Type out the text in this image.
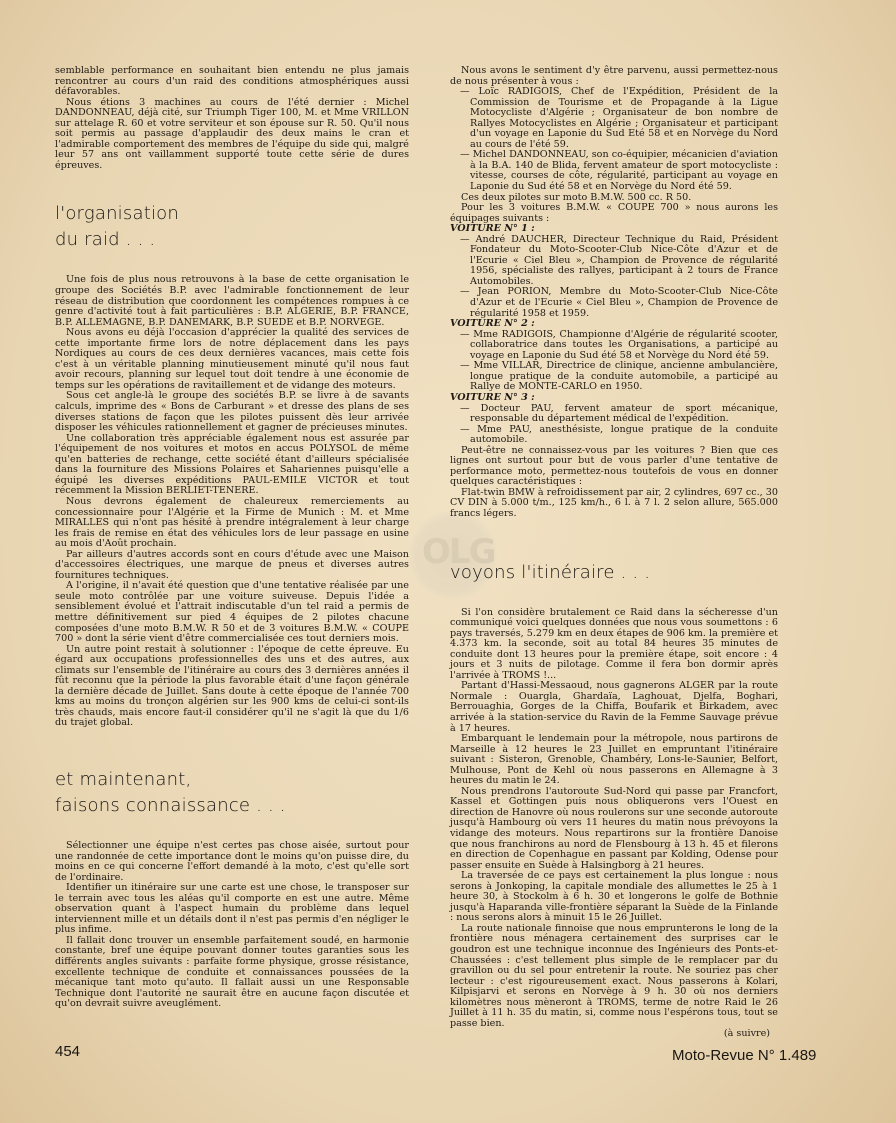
OLG

semblable performance en souhaitant bien entendu ne plus jamais rencontrer au cours d'un raid des conditions atmosphériques aussi défavorables.

Nous étions 3 machines au cours de l'été dernier : Michel DANDONNEAU, déjà cité, sur Triumph Tiger 100, M. et Mme VRILLON sur attelage R. 60 et votre serviteur et son épouse sur R. 50. Qu'il nous soit permis au passage d'applaudir des deux mains le cran et l'admirable comportement des membres de l'équipe du side qui, malgré leur 57 ans ont vaillamment supporté toute cette série de dures épreuves.

l'organisation
du raid . . .

Une fois de plus nous retrouvons à la base de cette organisation le groupe des Sociétés B.P. avec l'admirable fonctionnement de leur réseau de distribution que coordonnent les compétences rompues à ce genre d'activité tout à fait particulières : B.P. ALGERIE, B.P. FRANCE, B.P. ALLEMAGNE, B.P. DANEMARK, B.P. SUEDE et B.P. NORVEGE.

Nous avons eu déjà l'occasion d'apprécier la qualité des services de cette importante firme lors de notre déplacement dans les pays Nordiques au cours de ces deux dernières vacances, mais cette fois c'est à un véritable planning minutieusement minuté qu'il nous faut avoir recours, planning sur lequel tout doit tendre à une économie de temps sur les opérations de ravitaillement et de vidange des moteurs.

Sous cet angle-là le groupe des sociétés B.P. se livre à de savants calculs, imprime des « Bons de Carburant » et dresse des plans de ses diverses stations de façon que les pilotes puissent dès leur arrivée disposer les véhicules rationnellement et gagner de précieuses minutes.

Une collaboration très appréciable également nous est assurée par l'équipement de nos voitures et motos en accus POLYSOL de même qu'en batteries de rechange, cette société étant d'ailleurs spécialisée dans la fourniture des Missions Polaires et Sahariennes puisqu'elle a équipé les diverses expéditions PAUL-EMILE VICTOR et tout récemment la Mission BERLIET-TENERE.

Nous devrons également de chaleureux remerciements au concessionnaire pour l'Algérie et la Firme de Munich : M. et Mme MIRALLES qui n'ont pas hésité à prendre intégralement à leur charge les frais de remise en état des véhicules lors de leur passage en usine au mois d'Août prochain.

Par ailleurs d'autres accords sont en cours d'étude avec une Maison d'accessoires électriques, une marque de pneus et diverses autres fournitures techniques.

A l'origine, il n'avait été question que d'une tentative réalisée par une seule moto contrôlée par une voiture suiveuse. Depuis l'idée a sensiblement évolué et l'attrait indiscutable d'un tel raid a permis de mettre définitivement sur pied 4 équipes de 2 pilotes chacune composées d'une moto B.M.W. R 50 et de 3 voitures B.M.W. « COUPE 700 » dont la série vient d'être commercialisée ces tout derniers mois.

Un autre point restait à solutionner : l'époque de cette épreuve. Eu égard aux occupations professionnelles des uns et des autres, aux climats sur l'ensemble de l'itinéraire au cours des 3 dernières années il fût reconnu que la période la plus favorable était d'une façon générale la dernière décade de Juillet. Sans doute à cette époque de l'année 700 kms au moins du tronçon algérien sur les 900 kms de celui-ci sont-ils très chauds, mais encore faut-il considérer qu'il ne s'agit là que du 1/6 du trajet global.

et maintenant,
faisons connaissance . . .

Sélectionner une équipe n'est certes pas chose aisée, surtout pour une randonnée de cette importance dont le moins qu'on puisse dire, du moins en ce qui concerne l'effort demandé à la moto, c'est qu'elle sort de l'ordinaire.

Identifier un itinéraire sur une carte est une chose, le transposer sur le terrain avec tous les aléas qu'il comporte en est une autre. Même observation quant à l'aspect humain du problème dans lequel interviennent mille et un détails dont il n'est pas permis d'en négliger le plus infime.

Il fallait donc trouver un ensemble parfaitement soudé, en harmonie constante, bref une équipe pouvant donner toutes garanties sous les différents angles suivants : parfaite forme physique, grosse résistance, excellente technique de conduite et connaissances poussées de la mécanique tant moto qu'auto. Il fallait aussi un une Responsable Technique dont l'autorité ne saurait être en aucune façon discutée et qu'on devrait suivre aveuglément.

Nous avons le sentiment d'y être parvenu, aussi permettez-nous de nous présenter à vous :

— Loïc RADIGOIS, Chef de l'Expédition, Président de la Commission de Tourisme et de Propagande à la Ligue Motocycliste d'Algérie ; Organisateur de bon nombre de Rallyes Motocyclistes en Algérie ; Organisateur et participant d'un voyage en Laponie du Sud Eté 58 et en Norvège du Nord au cours de l'été 59.

— Michel DANDONNEAU, son co-équipier, mécanicien d'aviation à la B.A. 140 de Blida, fervent amateur de sport motocycliste : vitesse, courses de côte, régularité, participant au voyage en Laponie du Sud été 58 et en Norvège du Nord été 59.

Ces deux pilotes sur moto B.M.W. 500 cc. R 50.

Pour les 3 voitures B.M.W. « COUPE 700 » nous aurons les équipages suivants :

VOITURE N° 1 :

— André DAUCHER, Directeur Technique du Raid, Président Fondateur du Moto-Scooter-Club Nice-Côte d'Azur et de l'Ecurie « Ciel Bleu », Champion de Provence de régularité 1956, spécialiste des rallyes, participant à 2 tours de France Automobiles.

— Jean PORION, Membre du Moto-Scooter-Club Nice-Côte d'Azur et de l'Ecurie « Ciel Bleu », Champion de Provence de régularité 1958 et 1959.

VOITURE N° 2 :

— Mme RADIGOIS, Championne d'Algérie de régularité scooter, collaboratrice dans toutes les Organisations, a participé au voyage en Laponie du Sud été 58 et Norvège du Nord été 59.

— Mme VILLAR, Directrice de clinique, ancienne ambulancière, longue pratique de la conduite automobile, a participé au Rallye de MONTE-CARLO en 1950.

VOITURE N° 3 :

— Docteur PAU, fervent amateur de sport mécanique, responsable du département médical de l'expédition.

— Mme PAU, anesthésiste, longue pratique de la conduite automobile.

Peut-être ne connaissez-vous par les voitures ? Bien que ces lignes ont surtout pour but de vous parler d'une tentative de performance moto, permettez-nous toutefois de vous en donner quelques caractéristiques :

Flat-twin BMW à refroidissement par air, 2 cylindres, 697 cc., 30 CV DIN à 5.000 t/m., 125 km/h., 6 l. à 7 l. 2 selon allure, 565.000 francs légers.

voyons l'itinéraire . . .

Si l'on considère brutalement ce Raid dans la sécheresse d'un communiqué voici quelques données que nous vous soumettons : 6 pays traversés, 5.279 km en deux étapes de 906 km. la première et 4.373 km. la seconde, soit au total 84 heures 35 minutes de conduite dont 13 heures pour la première étape, soit encore : 4 jours et 3 nuits de pilotage. Comme il fera bon dormir après l'arrivée à TROMS !...

Partant d'Hassi-Messaoud, nous gagnerons ALGER par la route Normale : Ouargla, Ghardaïa, Laghouat, Djelfa, Boghari, Berrouaghia, Gorges de la Chiffa, Boufarik et Birkadem, avec arrivée à la station-service du Ravin de la Femme Sauvage prévue à 17 heures.

Embarquant le lendemain pour la métropole, nous partirons de Marseille à 12 heures le 23 Juillet en empruntant l'itinéraire suivant : Sisteron, Grenoble, Chambéry, Lons-le-Saunier, Belfort, Mulhouse, Pont de Kehl où nous passerons en Allemagne à 3 heures du matin le 24.

Nous prendrons l'autoroute Sud-Nord qui passe par Francfort, Kassel et Gottingen puis nous obliquerons vers l'Ouest en direction de Hanovre où nous roulerons sur une seconde autoroute jusqu'à Hambourg où vers 11 heures du matin nous prévoyons la vidange des moteurs. Nous repartirons sur la frontière Danoise que nous franchirons au nord de Flensbourg à 13 h. 45 et filerons en direction de Copenhague en passant par Kolding, Odense pour passer ensuite en Suède à Halsingborg à 21 heures.

La traversée de ce pays est certainement la plus longue : nous serons à Jonkoping, la capitale mondiale des allumettes le 25 à 1 heure 30, à Stockolm à 6 h. 30 et longerons le golfe de Bothnie jusqu'à Haparanda ville-frontière séparant la Suède de la Finlande : nous serons alors à minuit 15 le 26 Juillet.

La route nationale finnoise que nous emprunterons le long de la frontière nous ménagera certainement des surprises car le goudron est une technique inconnue des Ingénieurs des Ponts-et-Chaussées : c'est tellement plus simple de le remplacer par du gravillon ou du sel pour entretenir la route. Ne souriez pas cher lecteur : c'est rigoureusement exact. Nous passerons à Kolari, Kilpisjarvi et serons en Norvège à 9 h. 30 où nos derniers kilomètres nous mèneront à TROMS, terme de notre Raid le 26 Juillet à 11 h. 35 du matin, si, comme nous l'espérons tous, tout se passe bien.

(à suivre)

454	Moto-Revue N° 1.489
